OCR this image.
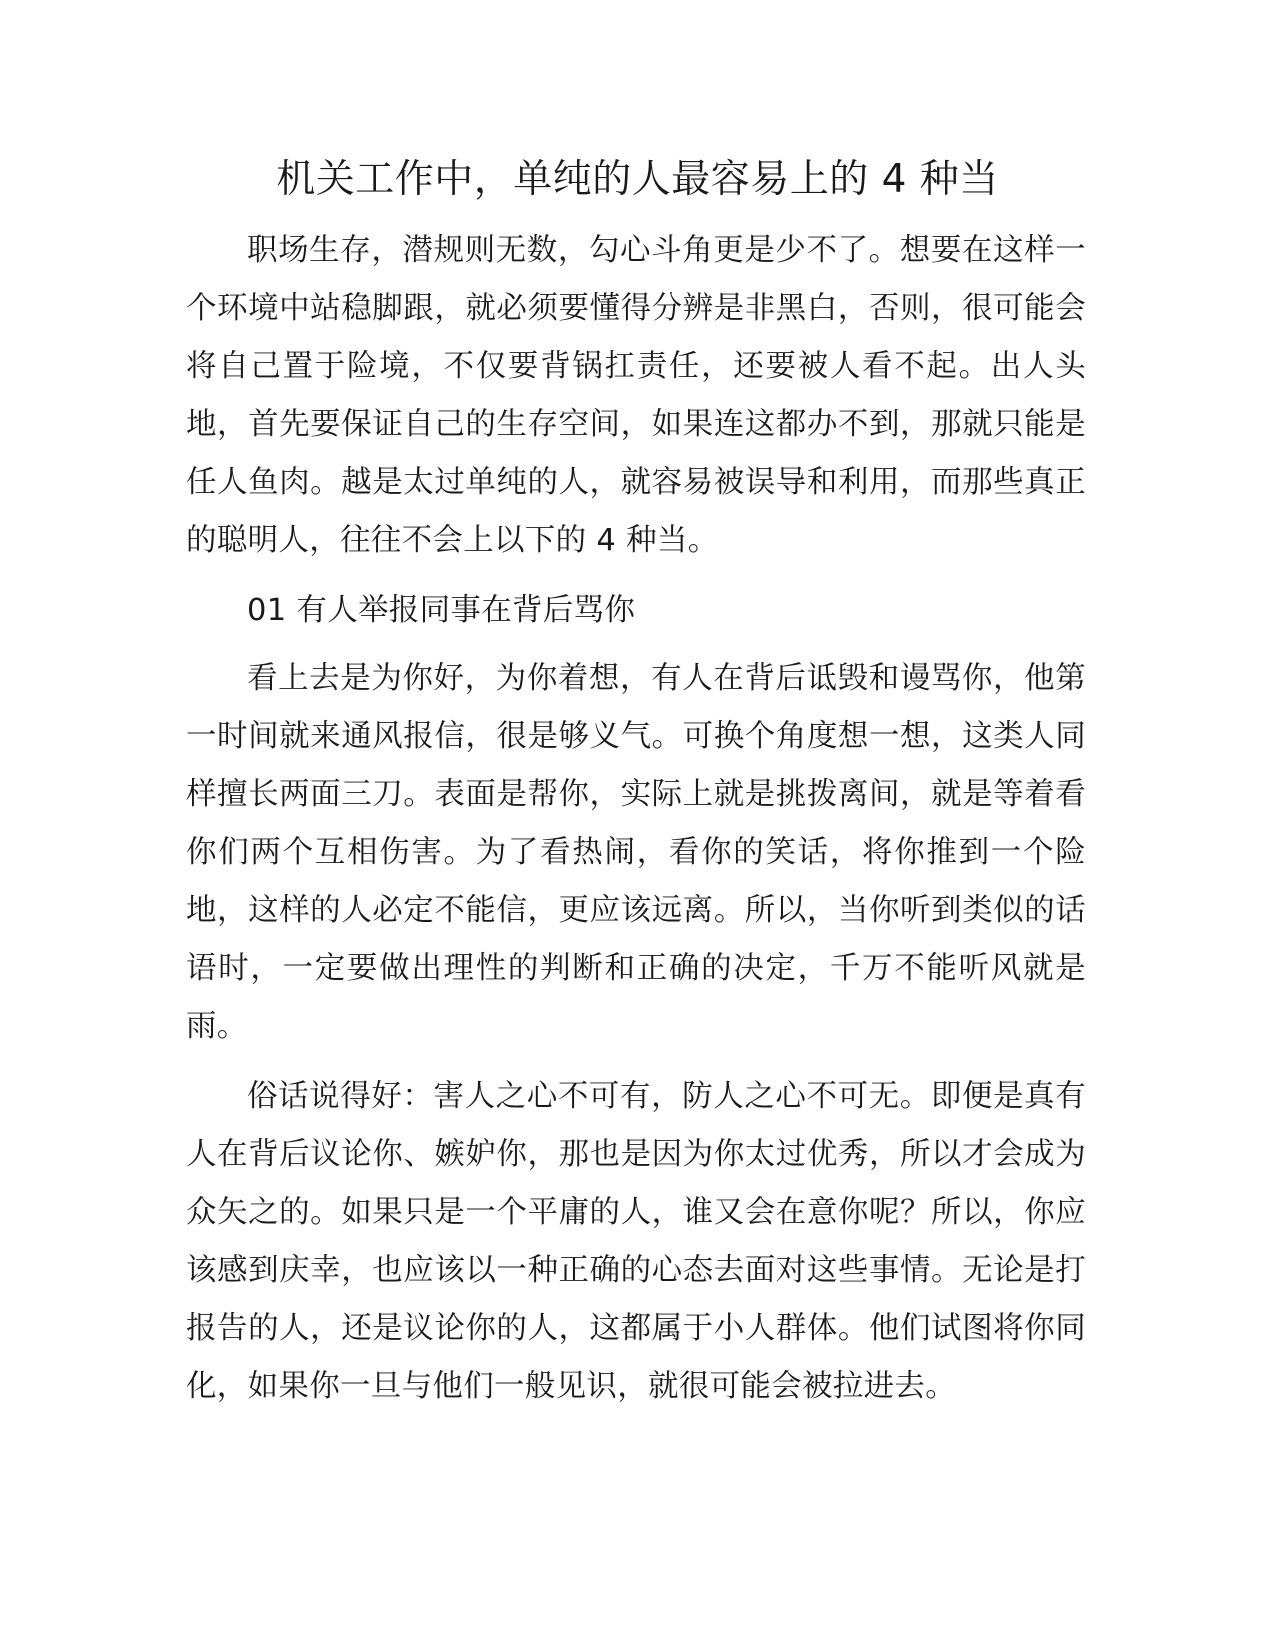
机关工作中，单纯的人最容易上的 4 种当

职场生存，潜规则无数，勾心斗角更是少不了。想要在这样一个环境中站稳脚跟，就必须要懂得分辨是非黑白，否则，很可能会将自己置于险境，不仅要背锅扛责任，还要被人看不起。出人头地，首先要保证自己的生存空间，如果连这都办不到，那就只能是任人鱼肉。越是太过单纯的人，就容易被误导和利用，而那些真正的聪明人，往往不会上以下的 4 种当。

01 有人举报同事在背后骂你

看上去是为你好，为你着想，有人在背后诋毁和谩骂你，他第一时间就来通风报信，很是够义气。可换个角度想一想，这类人同样擅长两面三刀。表面是帮你，实际上就是挑拨离间，就是等着看你们两个互相伤害。为了看热闹，看你的笑话，将你推到一个险地，这样的人必定不能信，更应该远离。所以，当你听到类似的话语时，一定要做出理性的判断和正确的决定，千万不能听风就是雨。

俗话说得好：害人之心不可有，防人之心不可无。即便是真有人在背后议论你、嫉妒你，那也是因为你太过优秀，所以才会成为众矢之的。如果只是一个平庸的人，谁又会在意你呢？所以，你应该感到庆幸，也应该以一种正确的心态去面对这些事情。无论是打报告的人，还是议论你的人，这都属于小人群体。他们试图将你同化，如果你一旦与他们一般见识，就很可能会被拉进去。
